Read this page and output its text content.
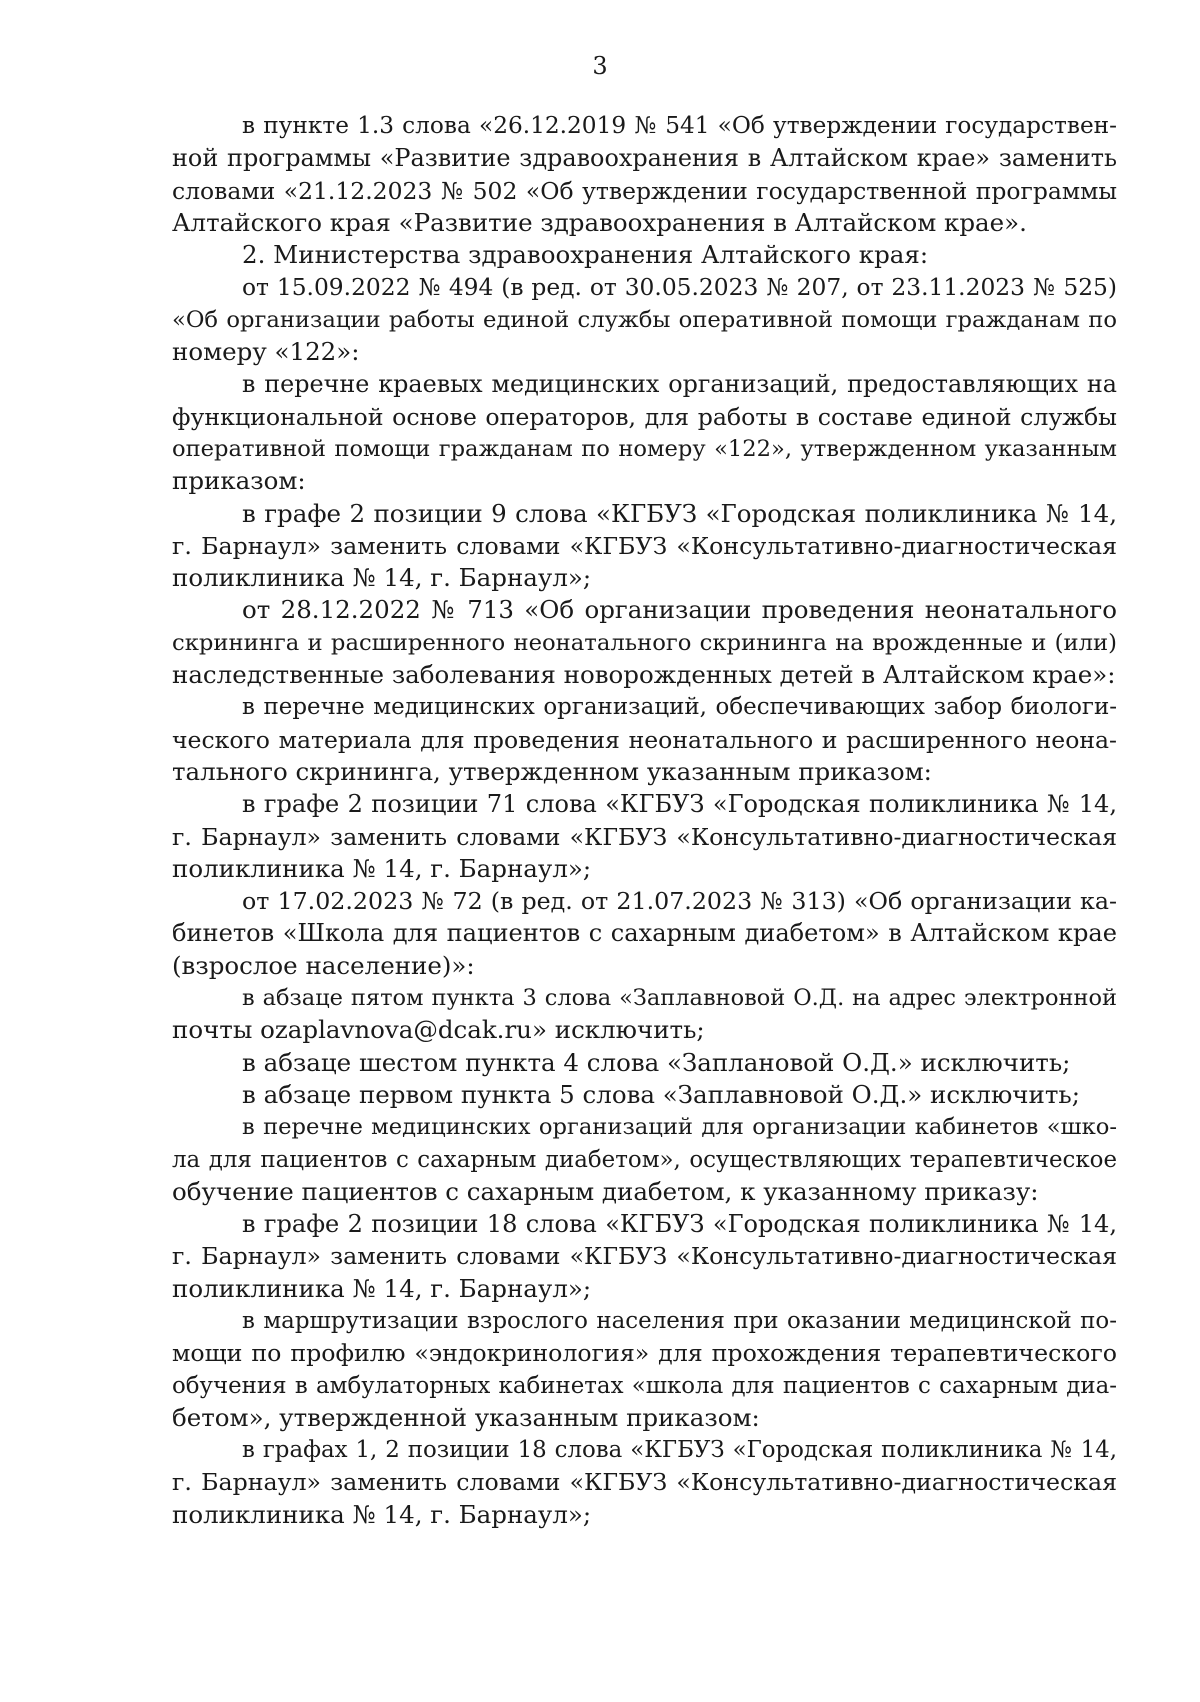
3
в пункте 1.3 слова «26.12.2019 № 541 «Об утверждении государствен-
ной программы «Развитие здравоохранения в Алтайском крае» заменить
словами «21.12.2023 № 502 «Об утверждении государственной программы
Алтайского края «Развитие здравоохранения в Алтайском крае».
2. Министерства здравоохранения Алтайского края:
от 15.09.2022 № 494 (в ред. от 30.05.2023 № 207, от 23.11.2023 № 525)
«Об организации работы единой службы оперативной помощи гражданам по
номеру «122»:
в перечне краевых медицинских организаций, предоставляющих на
функциональной основе операторов, для работы в составе единой службы
оперативной помощи гражданам по номеру «122», утвержденном указанным
приказом:
в графе 2 позиции 9 слова «КГБУЗ «Городская поликлиника № 14,
г. Барнаул» заменить словами «КГБУЗ «Консультативно-диагностическая
поликлиника № 14, г. Барнаул»;
от 28.12.2022 № 713 «Об организации проведения неонатального
скрининга и расширенного неонатального скрининга на врожденные и (или)
наследственные заболевания новорожденных детей в Алтайском крае»:
в перечне медицинских организаций, обеспечивающих забор биологи-
ческого материала для проведения неонатального и расширенного неона-
тального скрининга, утвержденном указанным приказом:
в графе 2 позиции 71 слова «КГБУЗ «Городская поликлиника № 14,
г. Барнаул» заменить словами «КГБУЗ «Консультативно-диагностическая
поликлиника № 14, г. Барнаул»;
от 17.02.2023 № 72 (в ред. от 21.07.2023 № 313) «Об организации ка-
бинетов «Школа для пациентов с сахарным диабетом» в Алтайском крае
(взрослое население)»:
в абзаце пятом пункта 3 слова «Заплавновой О.Д. на адрес электронной
почты ozaplavnova@dcak.ru» исключить;
в абзаце шестом пункта 4 слова «Заплановой О.Д.» исключить;
в абзаце первом пункта 5 слова «Заплавновой О.Д.» исключить;
в перечне медицинских организаций для организации кабинетов «шко-
ла для пациентов с сахарным диабетом», осуществляющих терапевтическое
обучение пациентов с сахарным диабетом, к указанному приказу:
в графе 2 позиции 18 слова «КГБУЗ «Городская поликлиника № 14,
г. Барнаул» заменить словами «КГБУЗ «Консультативно-диагностическая
поликлиника № 14, г. Барнаул»;
в маршрутизации взрослого населения при оказании медицинской по-
мощи по профилю «эндокринология» для прохождения терапевтического
обучения в амбулаторных кабинетах «школа для пациентов с сахарным диа-
бетом», утвержденной указанным приказом:
в графах 1, 2 позиции 18 слова «КГБУЗ «Городская поликлиника № 14,
г. Барнаул» заменить словами «КГБУЗ «Консультативно-диагностическая
поликлиника № 14, г. Барнаул»;
